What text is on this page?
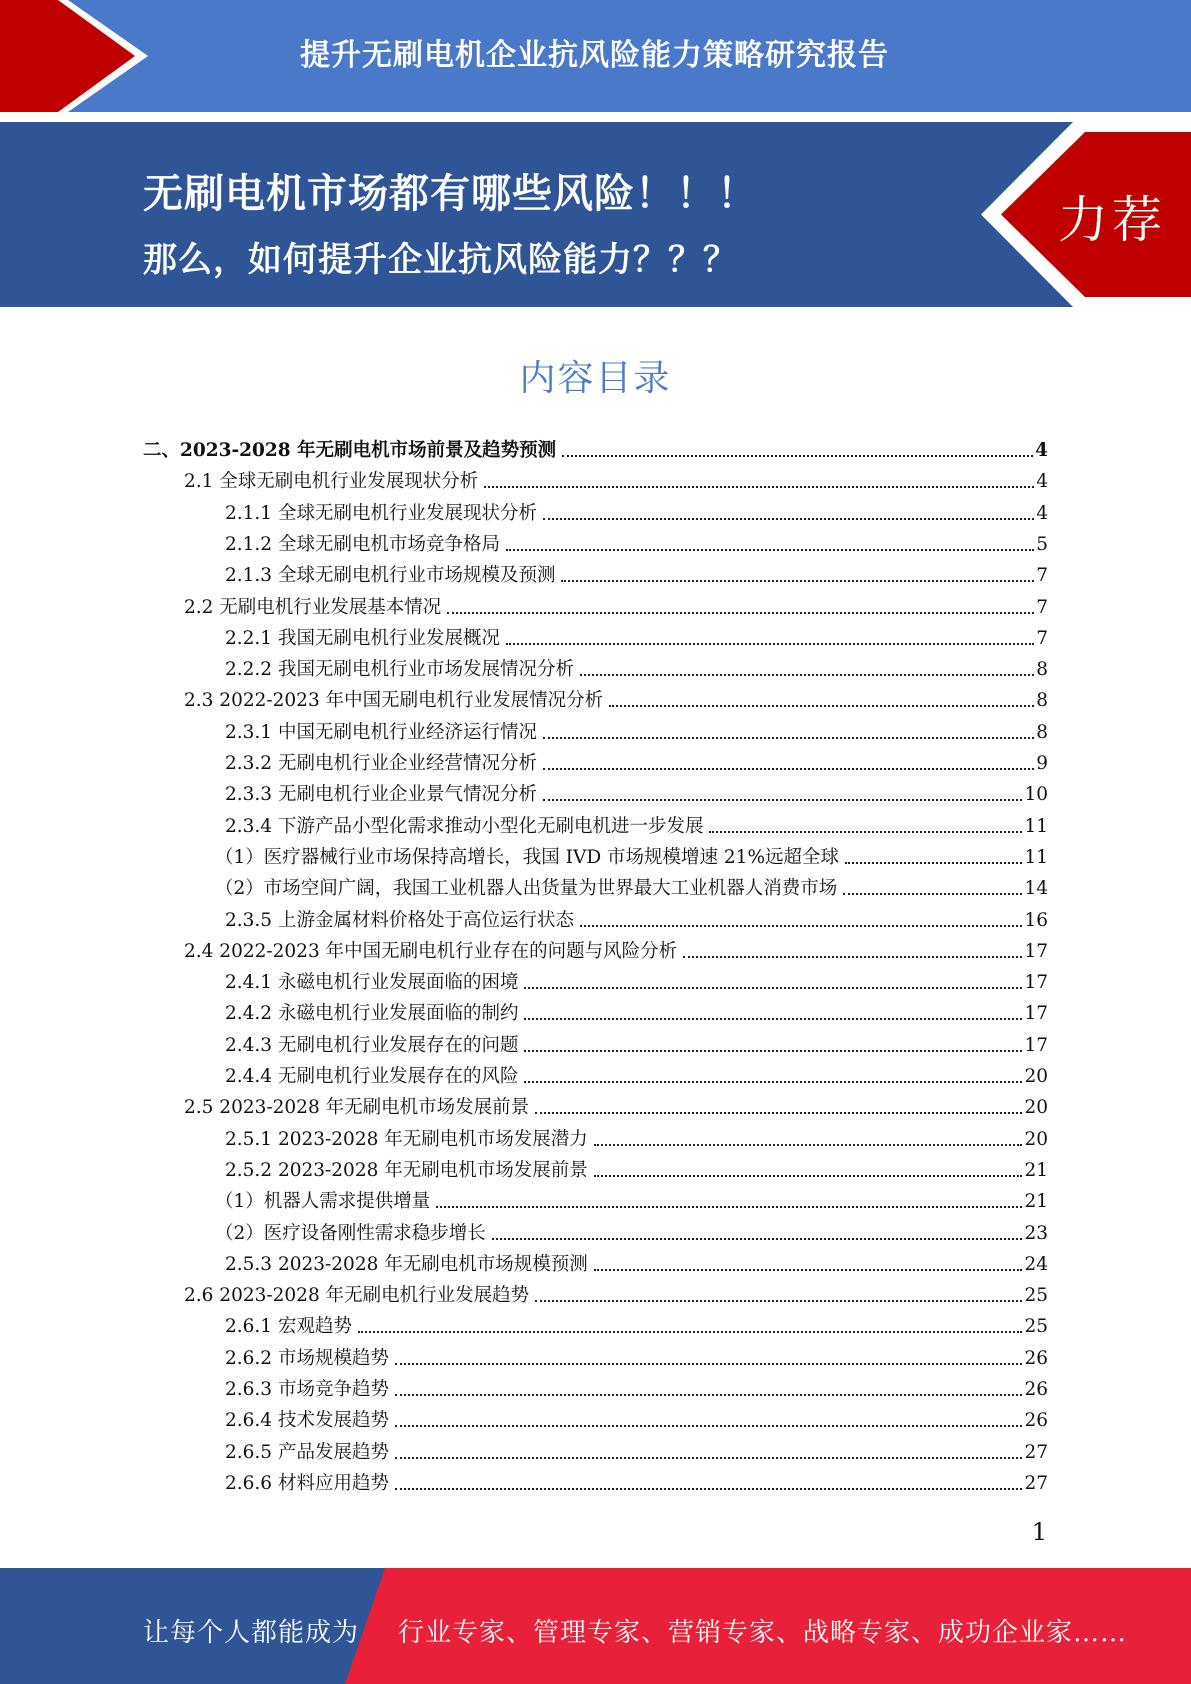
提升无刷电机企业抗风险能力策略研究报告
无刷电机市场都有哪些风险！！！
那么，如何提升企业抗风险能力？？？
力荐
内容目录
二、2023-2028 年无刷电机市场前景及趋势预测	4
2.1 全球无刷电机行业发展现状分析	4
2.1.1 全球无刷电机行业发展现状分析	4
2.1.2 全球无刷电机市场竞争格局	5
2.1.3 全球无刷电机行业市场规模及预测	7
2.2 无刷电机行业发展基本情况	7
2.2.1 我国无刷电机行业发展概况	7
2.2.2 我国无刷电机行业市场发展情况分析	8
2.3 2022-2023 年中国无刷电机行业发展情况分析	8
2.3.1 中国无刷电机行业经济运行情况	8
2.3.2 无刷电机行业企业经营情况分析	9
2.3.3 无刷电机行业企业景气情况分析	10
2.3.4 下游产品小型化需求推动小型化无刷电机进一步发展	11
（1）医疗器械行业市场保持高增长，我国 IVD 市场规模增速 21%远超全球	11
（2）市场空间广阔，我国工业机器人出货量为世界最大工业机器人消费市场	14
2.3.5 上游金属材料价格处于高位运行状态	16
2.4 2022-2023 年中国无刷电机行业存在的问题与风险分析	17
2.4.1 永磁电机行业发展面临的困境	17
2.4.2 永磁电机行业发展面临的制约	17
2.4.3 无刷电机行业发展存在的问题	17
2.4.4 无刷电机行业发展存在的风险	20
2.5 2023-2028 年无刷电机市场发展前景	20
2.5.1 2023-2028 年无刷电机市场发展潜力	20
2.5.2 2023-2028 年无刷电机市场发展前景	21
（1）机器人需求提供增量	21
（2）医疗设备刚性需求稳步增长	23
2.5.3 2023-2028 年无刷电机市场规模预测	24
2.6 2023-2028 年无刷电机行业发展趋势	25
2.6.1 宏观趋势	25
2.6.2 市场规模趋势	26
2.6.3 市场竞争趋势	26
2.6.4 技术发展趋势	26
2.6.5 产品发展趋势	27
2.6.6 材料应用趋势	27
1
让每个人都能成为 行业专家、管理专家、营销专家、战略专家、成功企业家……
